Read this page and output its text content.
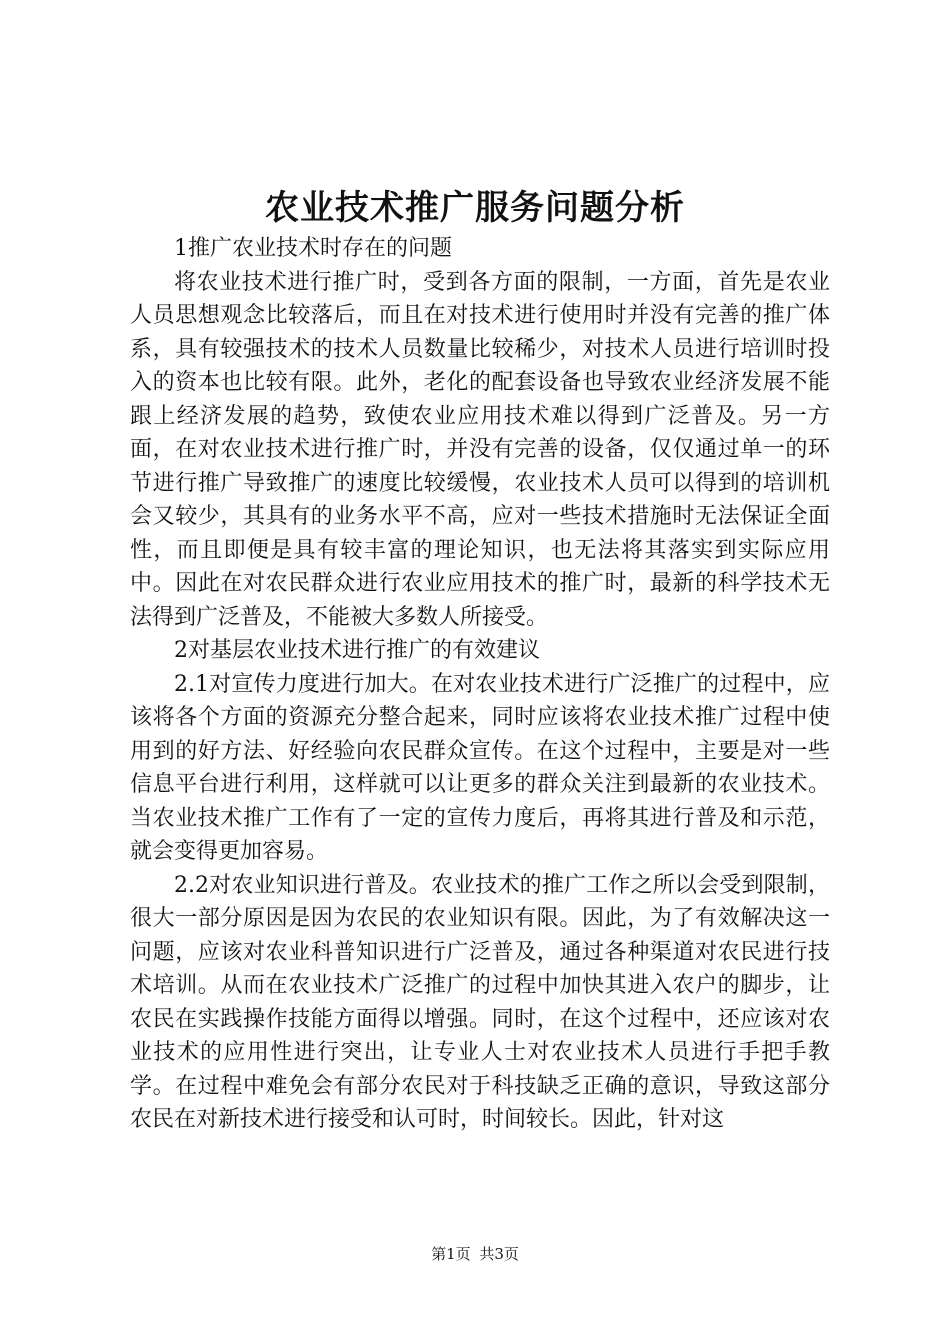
农业技术推广服务问题分析

1推广农业技术时存在的问题

将农业技术进行推广时，受到各方面的限制，一方面，首先是农业人员思想观念比较落后，而且在对技术进行使用时并没有完善的推广体系，具有较强技术的技术人员数量比较稀少，对技术人员进行培训时投入的资本也比较有限。此外，老化的配套设备也导致农业经济发展不能跟上经济发展的趋势，致使农业应用技术难以得到广泛普及。另一方面，在对农业技术进行推广时，并没有完善的设备，仅仅通过单一的环节进行推广导致推广的速度比较缓慢，农业技术人员可以得到的培训机会又较少，其具有的业务水平不高，应对一些技术措施时无法保证全面性，而且即便是具有较丰富的理论知识，也无法将其落实到实际应用中。因此在对农民群众进行农业应用技术的推广时，最新的科学技术无法得到广泛普及，不能被大多数人所接受。

2对基层农业技术进行推广的有效建议

2.1对宣传力度进行加大。在对农业技术进行广泛推广的过程中，应该将各个方面的资源充分整合起来，同时应该将农业技术推广过程中使用到的好方法、好经验向农民群众宣传。在这个过程中，主要是对一些信息平台进行利用，这样就可以让更多的群众关注到最新的农业技术。当农业技术推广工作有了一定的宣传力度后，再将其进行普及和示范，就会变得更加容易。

2.2对农业知识进行普及。农业技术的推广工作之所以会受到限制，很大一部分原因是因为农民的农业知识有限。因此，为了有效解决这一问题，应该对农业科普知识进行广泛普及，通过各种渠道对农民进行技术培训。从而在农业技术广泛推广的过程中加快其进入农户的脚步，让农民在实践操作技能方面得以增强。同时，在这个过程中，还应该对农业技术的应用性进行突出，让专业人士对农业技术人员进行手把手教学。在过程中难免会有部分农民对于科技缺乏正确的意识，导致这部分农民在对新技术进行接受和认可时，时间较长。因此，针对这

第1页 共3页
